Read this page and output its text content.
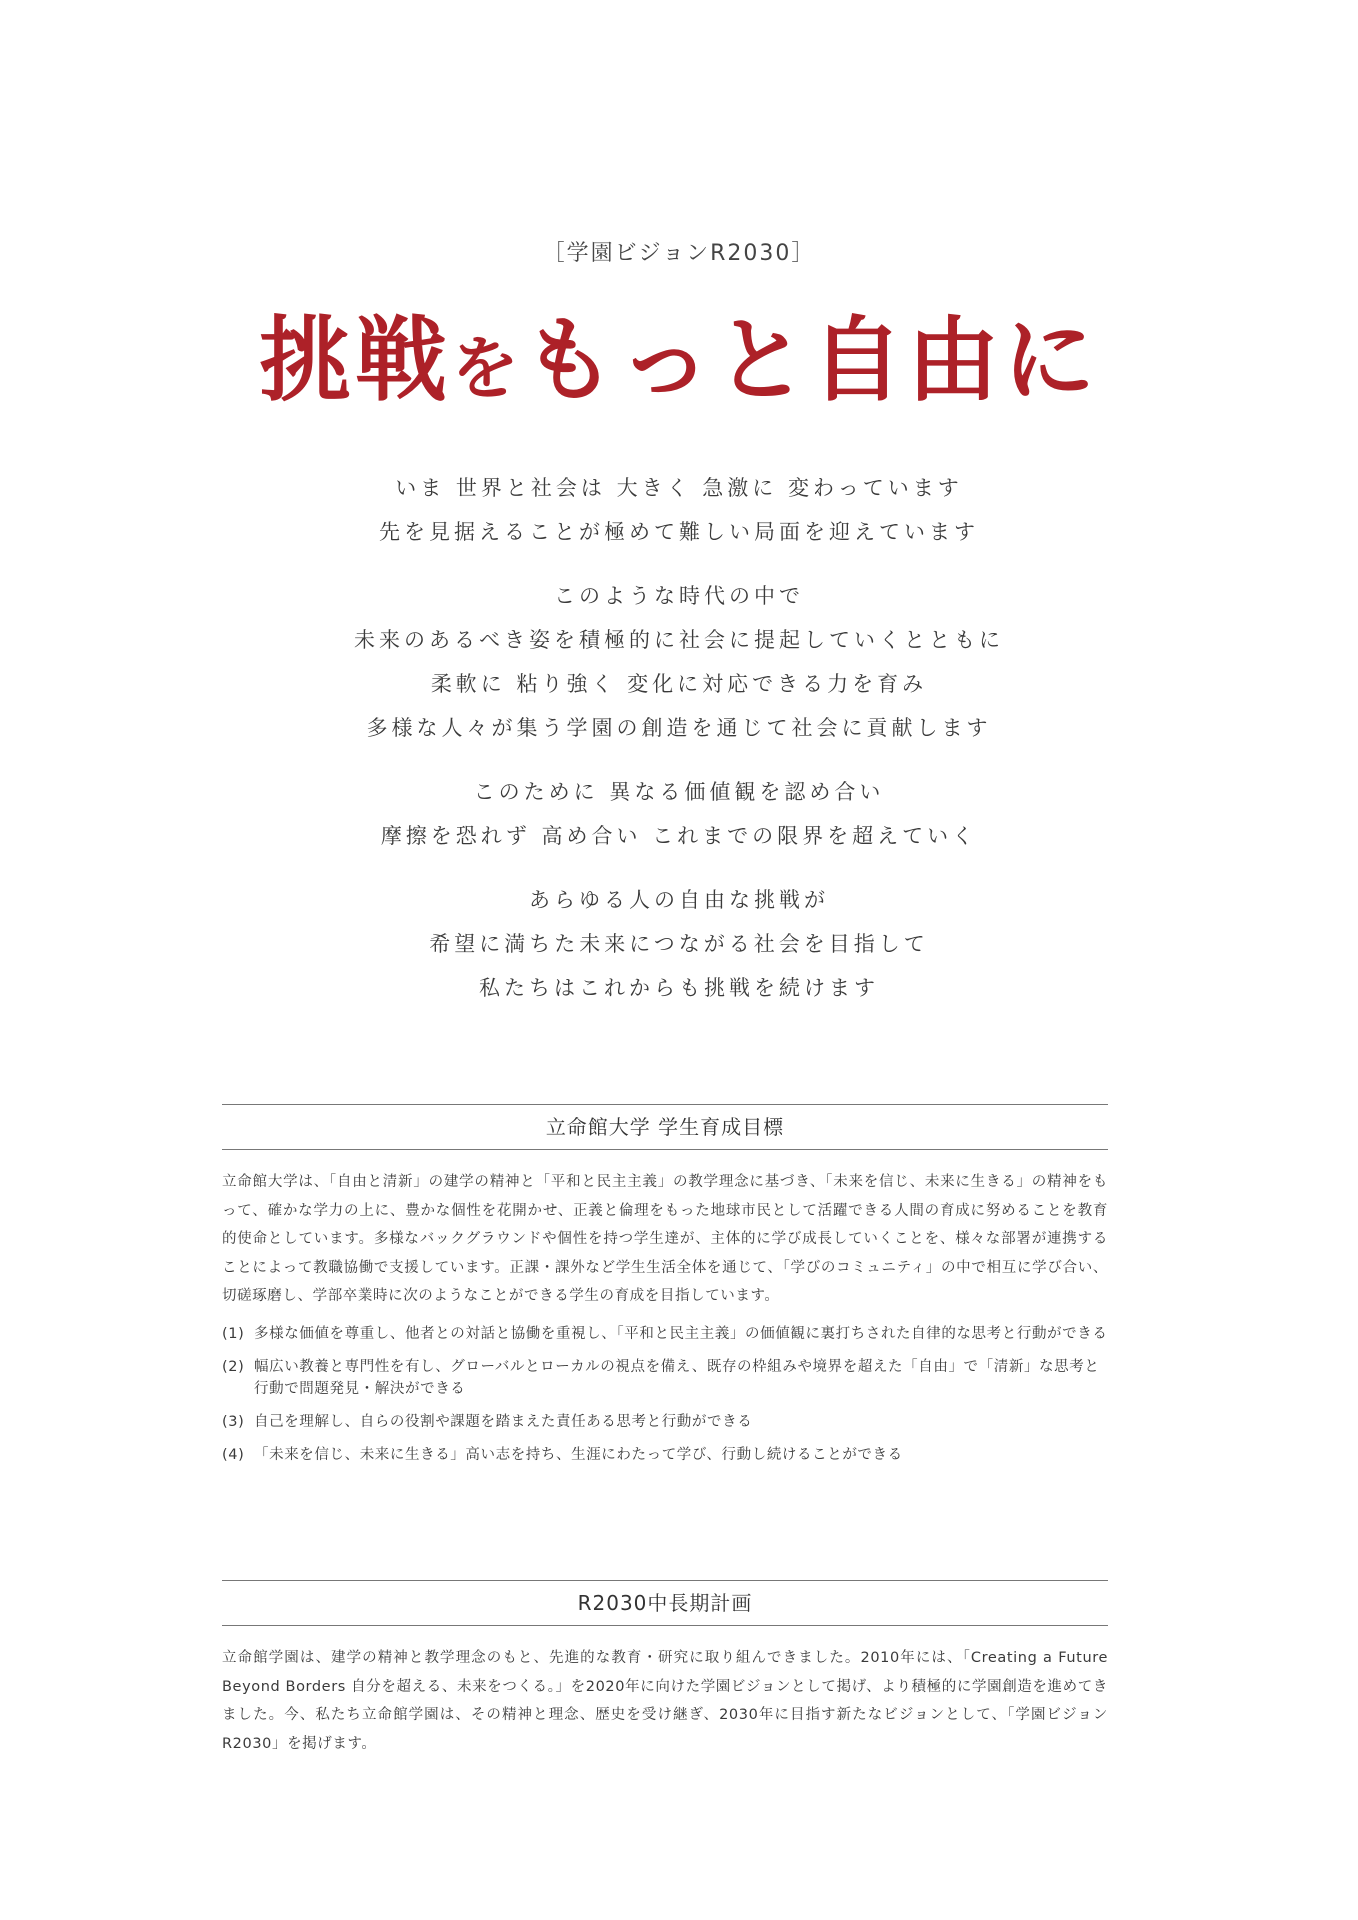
［学園ビジョンR2030］
挑戦をもっと自由に
いま 世界と社会は 大きく 急激に 変わっています
先を見据えることが極めて難しい局面を迎えています
このような時代の中で
未来のあるべき姿を積極的に社会に提起していくとともに
柔軟に 粘り強く 変化に対応できる力を育み
多様な人々が集う学園の創造を通じて社会に貢献します
このために 異なる価値観を認め合い
摩擦を恐れず 高め合い これまでの限界を超えていく
あらゆる人の自由な挑戦が
希望に満ちた未来につながる社会を目指して
私たちはこれからも挑戦を続けます
立命館大学 学生育成目標
立命館大学は、「自由と清新」の建学の精神と「平和と民主主義」の教学理念に基づき、「未来を信じ、未来に生きる」の精神をもって、確かな学力の上に、豊かな個性を花開かせ、正義と倫理をもった地球市民として活躍できる人間の育成に努めることを教育的使命としています。多様なバックグラウンドや個性を持つ学生達が、主体的に学び成長していくことを、様々な部署が連携することによって教職協働で支援しています。正課・課外など学生生活全体を通じて、「学びのコミュニティ」の中で相互に学び合い、切磋琢磨し、学部卒業時に次のようなことができる学生の育成を目指しています。
(1) 多様な価値を尊重し、他者との対話と協働を重視し、「平和と民主主義」の価値観に裏打ちされた自律的な思考と行動ができる
(2) 幅広い教養と専門性を有し、グローバルとローカルの視点を備え、既存の枠組みや境界を超えた「自由」で「清新」な思考と行動で問題発見・解決ができる
(3) 自己を理解し、自らの役割や課題を踏まえた責任ある思考と行動ができる
(4) 「未来を信じ、未来に生きる」高い志を持ち、生涯にわたって学び、行動し続けることができる
R2030中長期計画
立命館学園は、建学の精神と教学理念のもと、先進的な教育・研究に取り組んできました。2010年には、「Creating a Future Beyond Borders 自分を超える、未来をつくる。」を2020年に向けた学園ビジョンとして掲げ、より積極的に学園創造を進めてきました。今、私たち立命館学園は、その精神と理念、歴史を受け継ぎ、2030年に目指す新たなビジョンとして、「学園ビジョンR2030」を掲げます。
